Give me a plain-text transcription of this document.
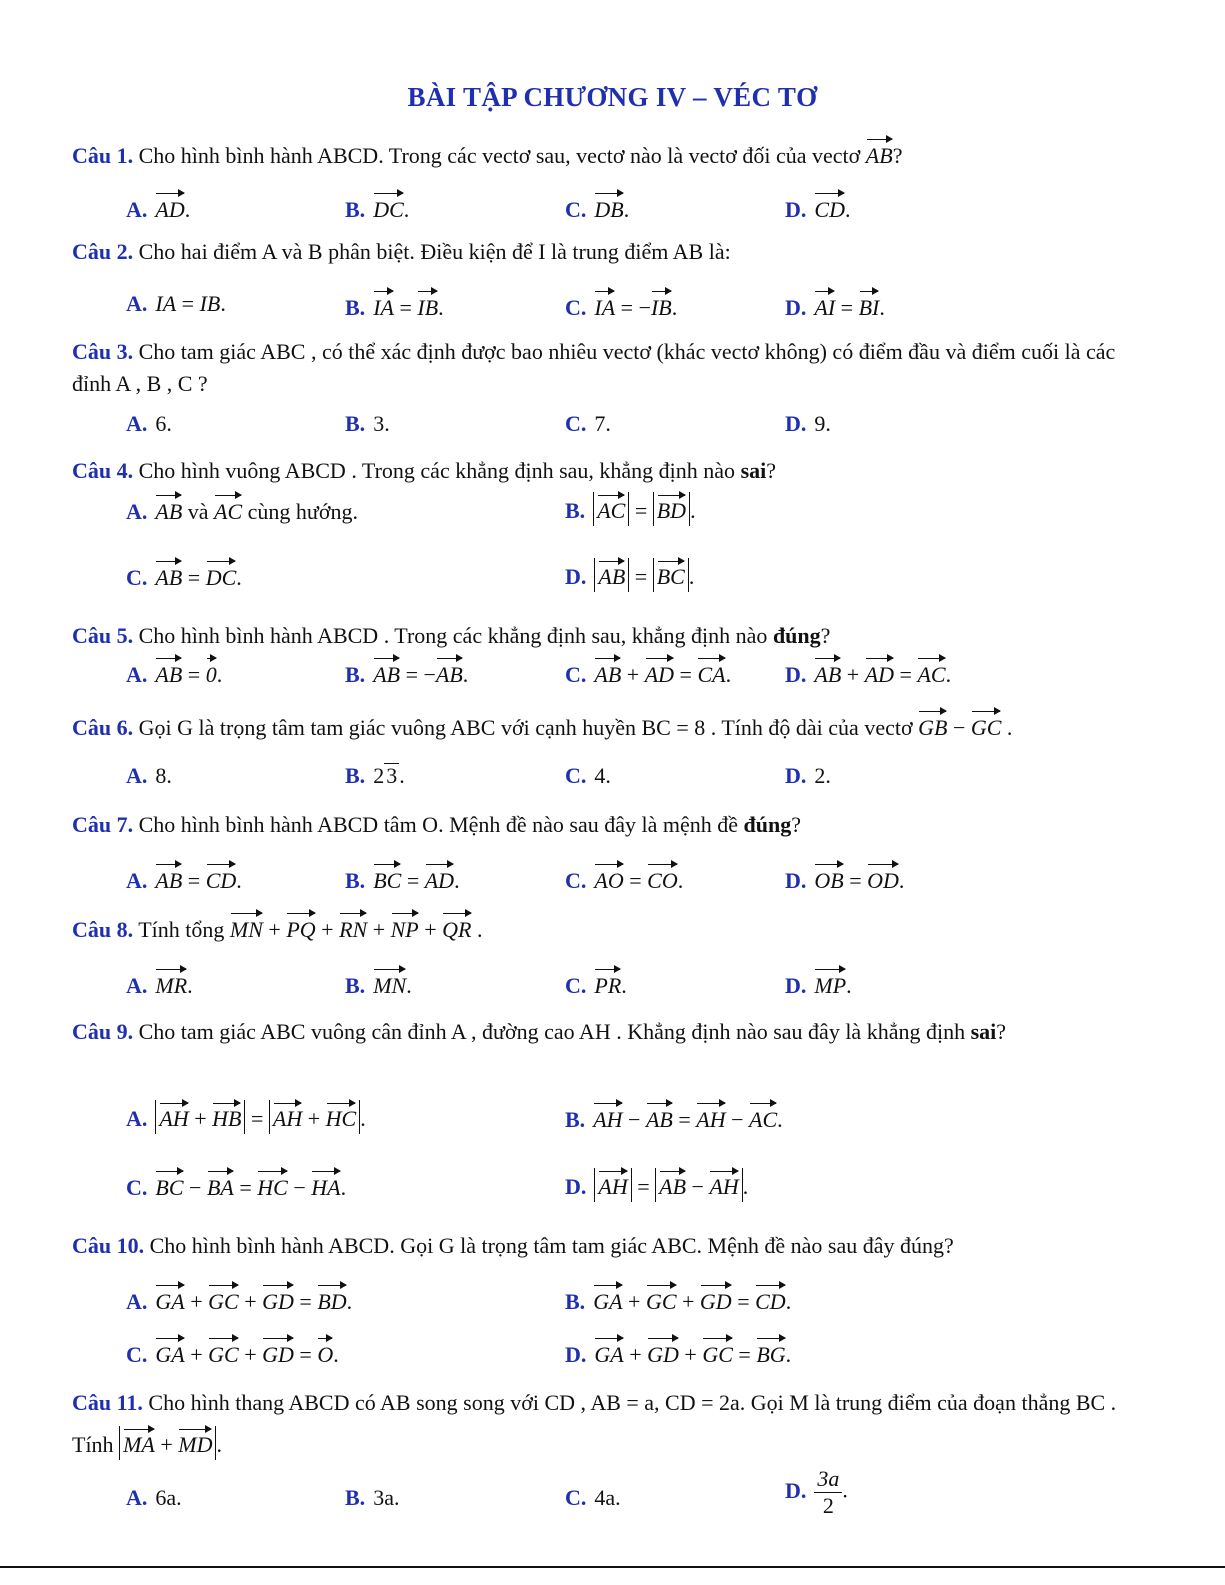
BÀI TẬP CHƯƠNG IV – VÉC TƠ
Câu 1. Cho hình bình hành ABCD. Trong các vectơ sau, vectơ nào là vectơ đối của vectơ AB?
A. AD.	B. DC.	C. DB.	D. CD.
Câu 2. Cho hai điểm A và B phân biệt. Điều kiện để I là trung điểm AB là:
A. IA = IB.	B. IA = IB.	C. IA = −IB.	D. AI = BI.
Câu 3. Cho tam giác ABC , có thể xác định được bao nhiêu vectơ (khác vectơ không) có điểm đầu và điểm cuối là các đỉnh A , B , C ?
A. 6.	B. 3.	C. 7.	D. 9.
Câu 4. Cho hình vuông ABCD . Trong các khẳng định sau, khẳng định nào sai?
A. AB và AC cùng hướng.	B. AC = BD .
C. AB = DC.	D. AB = BC .
Câu 5. Cho hình bình hành ABCD . Trong các khẳng định sau, khẳng định nào đúng?
A. AB = 0.	B. AB = −AB.	C. AB + AD = CA. D. AB + AD = AC.
Câu 6. Gọi G là trọng tâm tam giác vuông ABC với cạnh huyền BC = 8 . Tính độ dài của vectơ GB − GC .
A. 8.	B. 23.	C. 4.	D. 2.
Câu 7. Cho hình bình hành ABCD tâm O. Mệnh đề nào sau đây là mệnh đề đúng?
A. AB = CD.	B. BC = AD.	C. AO = CO.	D. OB = OD.
Câu 8. Tính tổng MN + PQ + RN + NP + QR .
A. MR.	B. MN.	C. PR.	D. MP.
Câu 9. Cho tam giác ABC vuông cân đỉnh A , đường cao AH . Khẳng định nào sau đây là khẳng định sai?
A. AH + HB = AH + HC .	B. AH − AB = AH − AC.
C. BC − BA = HC − HA.	D. AH = AB − AH .
Câu 10. Cho hình bình hành ABCD. Gọi G là trọng tâm tam giác ABC. Mệnh đề nào sau đây đúng?
A. GA + GC + GD = BD.	B. GA + GC + GD = CD.
C. GA + GC + GD = O.	D. GA + GD + GC = BG.
Câu 11. Cho hình thang ABCD có AB song song với CD , AB = a, CD = 2a. Gọi M là trung điểm của đoạn thẳng BC . Tính MA + MD .
A. 6a.	B. 3a.	C. 4a.	D. $\frac{3a}{2}$ .
